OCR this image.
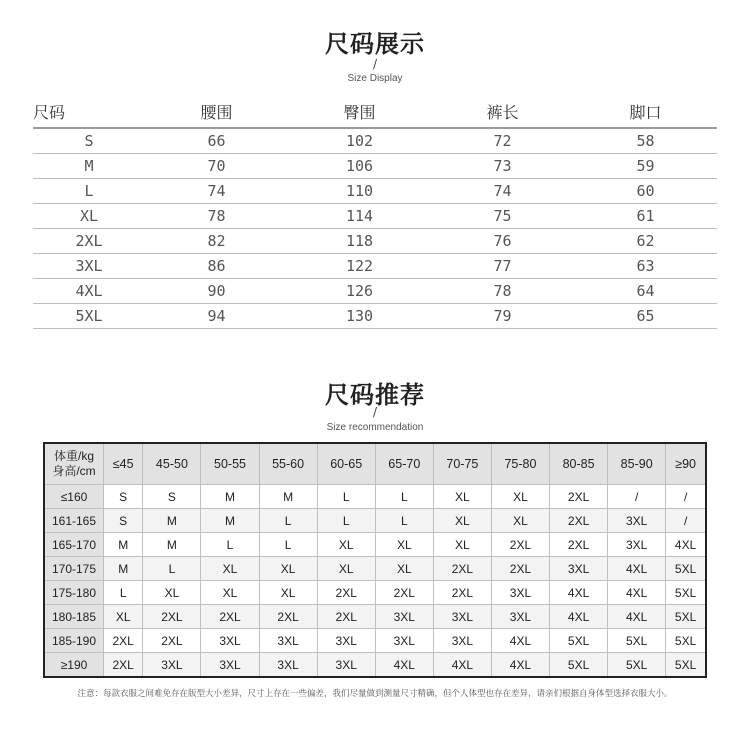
尺码展示
/
Size Display
尺码	腰围	臀围	裤长	脚口
S	66	102	72	58
M	70	106	73	59
L	74	110	74	60
XL	78	114	75	61
2XL	82	118	76	62
3XL	86	122	77	63
4XL	90	126	78	64
5XL	94	130	79	65
尺码推荐
/
Size recommendation
体重/kg
身高/cm	≤45	45-50	50-55	55-60	60-65	65-70	70-75	75-80	80-85	85-90	≥90
≤160	S	S	M	M	L	L	XL	XL	2XL	/	/
161-165	S	M	M	L	L	L	XL	XL	2XL	3XL	/
165-170	M	M	L	L	XL	XL	XL	2XL	2XL	3XL	4XL
170-175	M	L	XL	XL	XL	XL	2XL	2XL	3XL	4XL	5XL
175-180	L	XL	XL	XL	2XL	2XL	2XL	3XL	4XL	4XL	5XL
180-185	XL	2XL	2XL	2XL	2XL	3XL	3XL	3XL	4XL	4XL	5XL
185-190	2XL	2XL	3XL	3XL	3XL	3XL	3XL	4XL	5XL	5XL	5XL
≥190	2XL	3XL	3XL	3XL	3XL	4XL	4XL	4XL	5XL	5XL	5XL
注意：每款衣服之间难免存在版型大小差异，尺寸上存在一些偏差，我们尽量做到测量尺寸精确，但个人体型也存在差异，请亲们根据自身体型选择衣服大小。
